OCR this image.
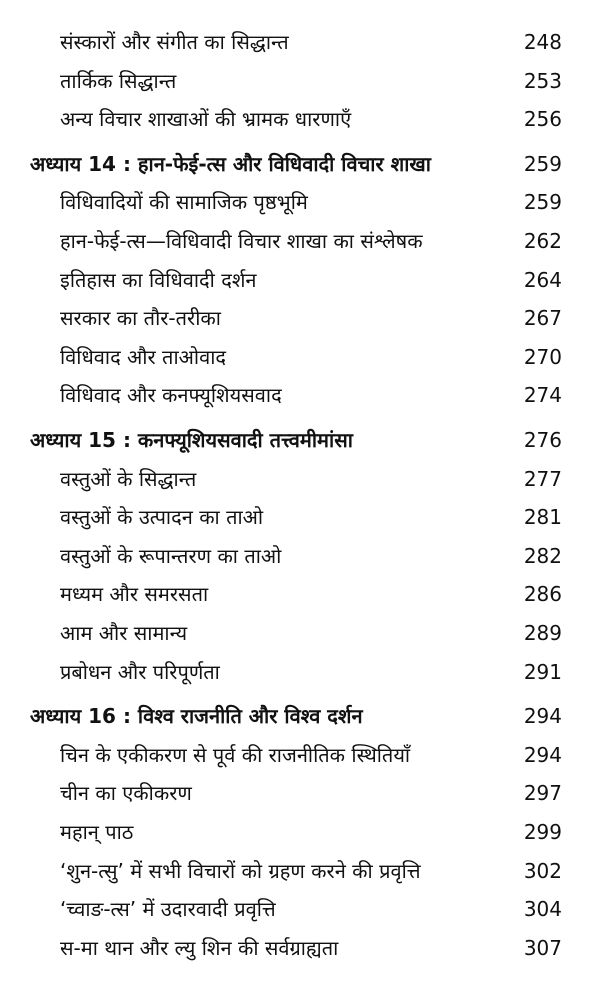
संस्कारों और संगीत का सिद्धान्त	248
तार्किक सिद्धान्त	253
अन्य विचार शाखाओं की भ्रामक धारणाएँ	256
अध्याय 14 : हान-फेई-त्स और विधिवादी विचार शाखा	259
विधिवादियों की सामाजिक पृष्ठभूमि	259
हान-फेई-त्स—विधिवादी विचार शाखा का संश्लेषक	262
इतिहास का विधिवादी दर्शन	264
सरकार का तौर-तरीका	267
विधिवाद और ताओवाद	270
विधिवाद और कनफ्यूशियसवाद	274
अध्याय 15 : कनफ्यूशियसवादी तत्त्वमीमांसा	276
वस्तुओं के सिद्धान्त	277
वस्तुओं के उत्पादन का ताओ	281
वस्तुओं के रूपान्तरण का ताओ	282
मध्यम और समरसता	286
आम और सामान्य	289
प्रबोधन और परिपूर्णता	291
अध्याय 16 : विश्व राजनीति और विश्व दर्शन	294
चिन के एकीकरण से पूर्व की राजनीतिक स्थितियाँ	294
चीन का एकीकरण	297
महान् पाठ	299
‘शुन-त्सु’ में सभी विचारों को ग्रहण करने की प्रवृत्ति	302
‘च्वाङ-त्स’ में उदारवादी प्रवृत्ति	304
स-मा थान और ल्यु शिन की सर्वग्राह्यता	307
